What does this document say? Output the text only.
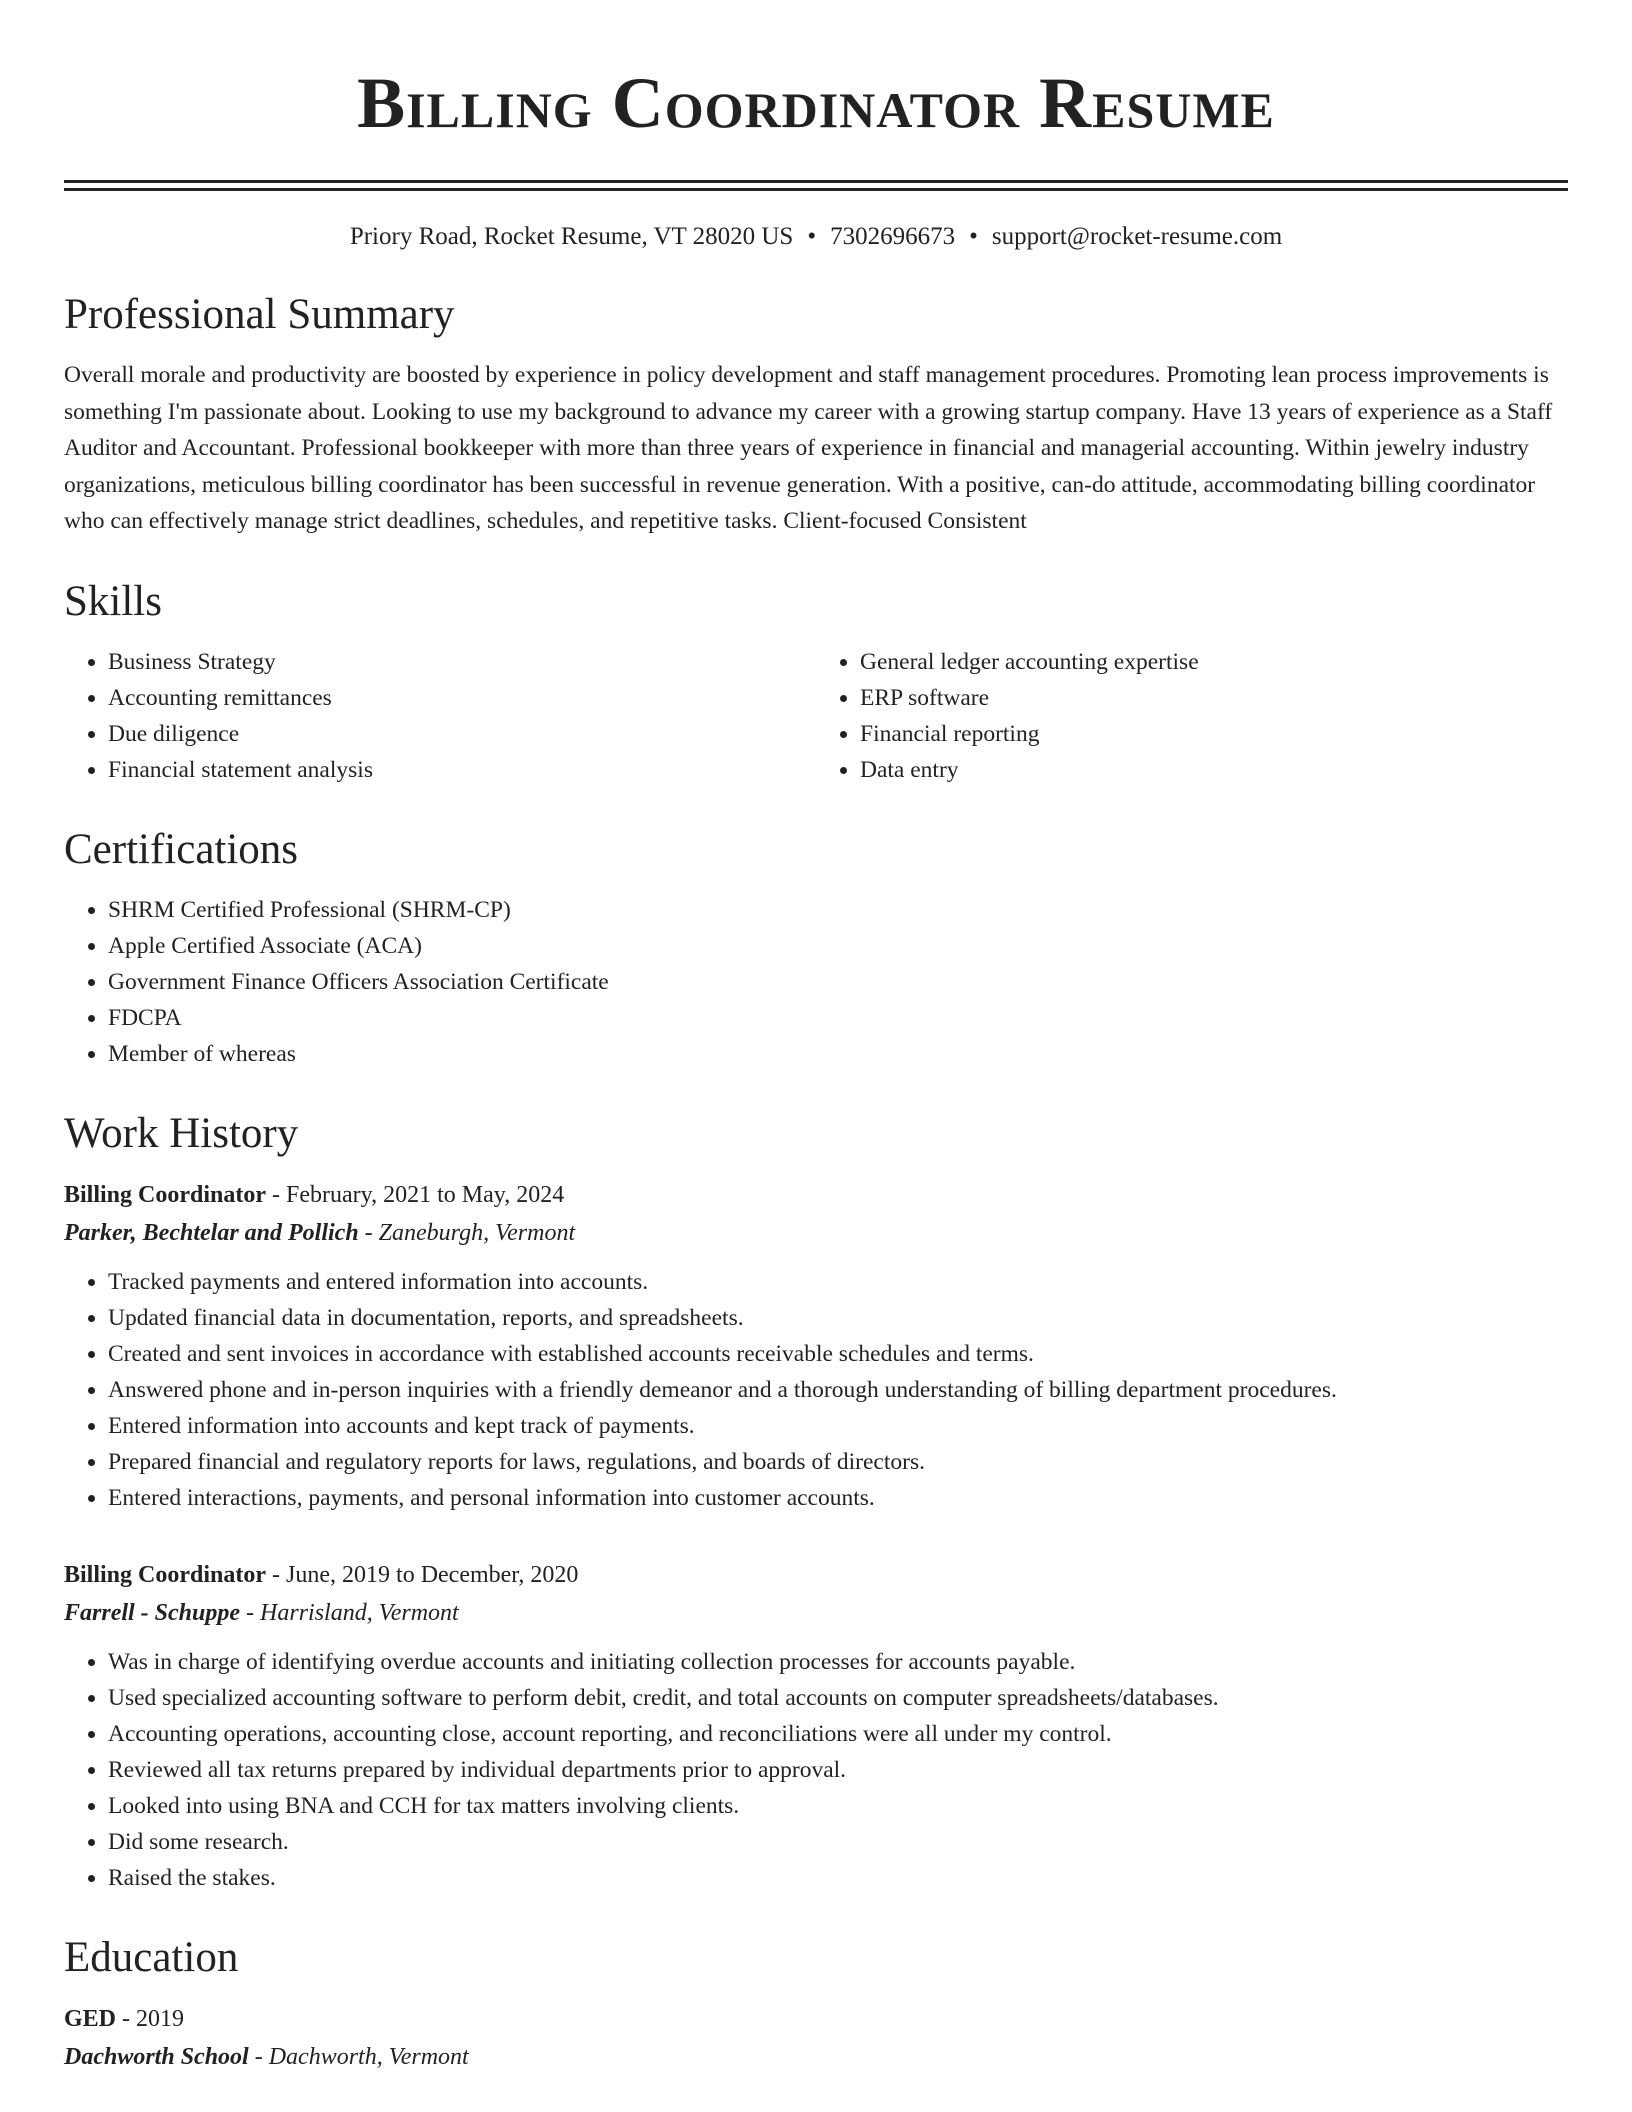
Billing Coordinator Resume
Priory Road, Rocket Resume, VT 28020 US • 7302696673 • support@rocket-resume.com
Professional Summary

Overall morale and productivity are boosted by experience in policy development and staff management procedures. Promoting lean process improvements is something I'm passionate about. Looking to use my background to advance my career with a growing startup company. Have 13 years of experience as a Staff Auditor and Accountant. Professional bookkeeper with more than three years of experience in financial and managerial accounting. Within jewelry industry organizations, meticulous billing coordinator has been successful in revenue generation. With a positive, can-do attitude, accommodating billing coordinator who can effectively manage strict deadlines, schedules, and repetitive tasks. Client-focused Consistent

Skills
• Business Strategy
• Accounting remittances
• Due diligence
• Financial statement analysis
• General ledger accounting expertise
• ERP software
• Financial reporting
• Data entry
Certifications
• SHRM Certified Professional (SHRM-CP)
• Apple Certified Associate (ACA)
• Government Finance Officers Association Certificate
• FDCPA
• Member of whereas
Work History
Billing Coordinator - February, 2021 to May, 2024
Parker, Bechtelar and Pollich - Zaneburgh, Vermont
• Tracked payments and entered information into accounts.
• Updated financial data in documentation, reports, and spreadsheets.
• Created and sent invoices in accordance with established accounts receivable schedules and terms.
• Answered phone and in-person inquiries with a friendly demeanor and a thorough understanding of billing department procedures.
• Entered information into accounts and kept track of payments.
• Prepared financial and regulatory reports for laws, regulations, and boards of directors.
• Entered interactions, payments, and personal information into customer accounts.
Billing Coordinator - June, 2019 to December, 2020
Farrell - Schuppe - Harrisland, Vermont
• Was in charge of identifying overdue accounts and initiating collection processes for accounts payable.
• Used specialized accounting software to perform debit, credit, and total accounts on computer spreadsheets/databases.
• Accounting operations, accounting close, account reporting, and reconciliations were all under my control.
• Reviewed all tax returns prepared by individual departments prior to approval.
• Looked into using BNA and CCH for tax matters involving clients.
• Did some research.
• Raised the stakes.
Education
GED - 2019
Dachworth School - Dachworth, Vermont
